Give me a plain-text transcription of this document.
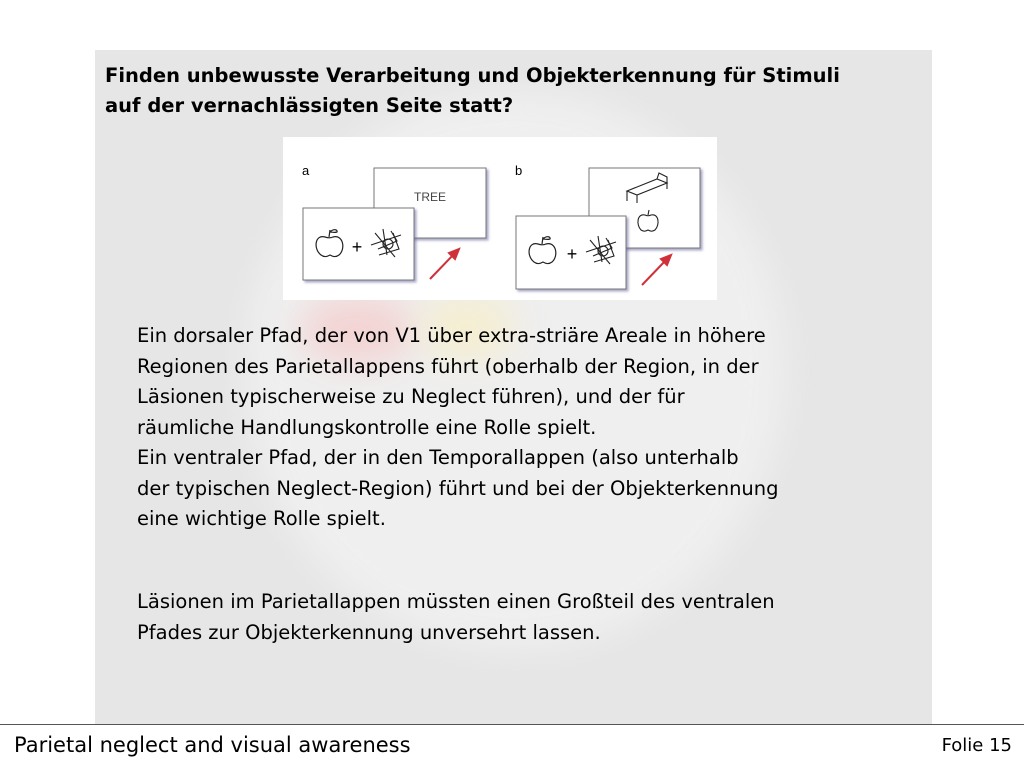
Finden unbewusste Verarbeitung und Objekterkennung für Stimuli
auf der vernachlässigten Seite statt?
a
TREE
+
b
+
Ein dorsaler Pfad, der von V1 über extra-striäre Areale in höhere
Regionen des Parietallappens führt (oberhalb der Region, in der
Läsionen typischerweise zu Neglect führen), und der für
räumliche Handlungskontrolle eine Rolle spielt.
Ein ventraler Pfad, der in den Temporallappen (also unterhalb
der typischen Neglect-Region) führt und bei der Objekterkennung
eine wichtige Rolle spielt.
Läsionen im Parietallappen müssten einen Großteil des ventralen
Pfades zur Objekterkennung unversehrt lassen.
Parietal neglect and visual awareness	Folie 15
